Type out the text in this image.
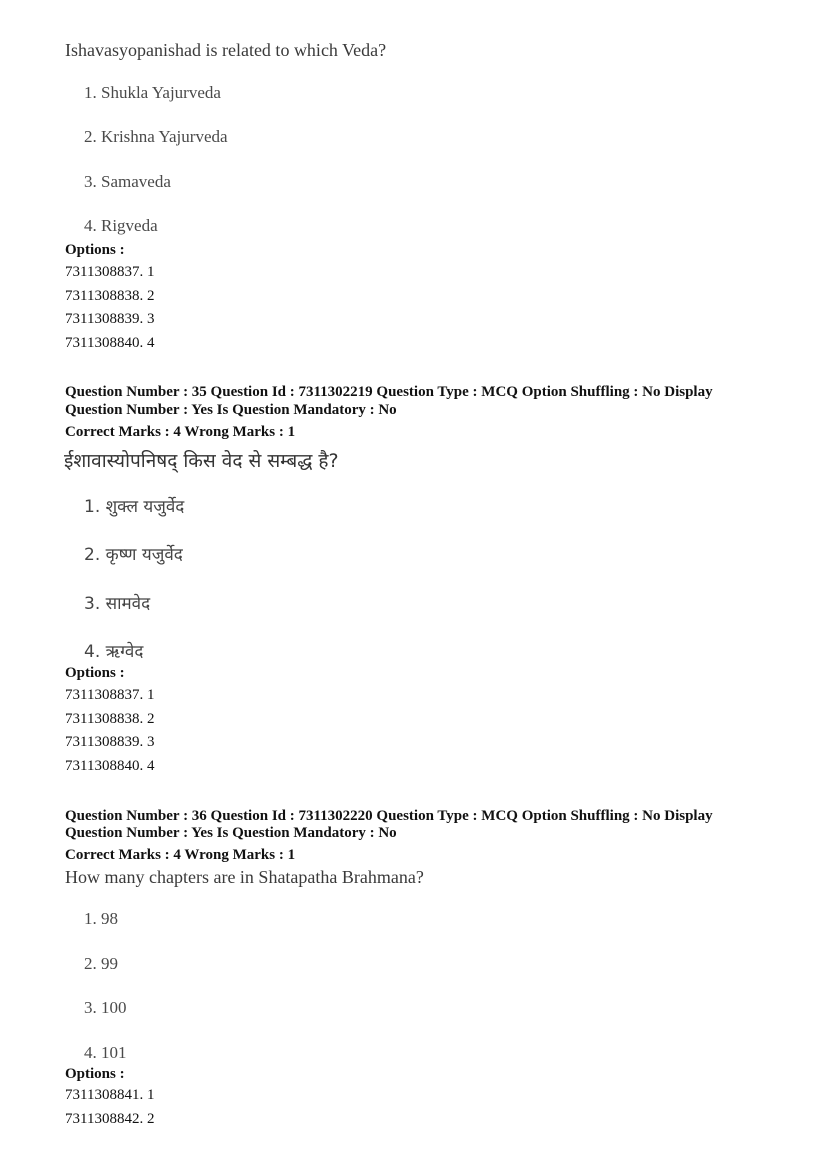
Ishavasyopanishad is related to which Veda?
1. Shukla Yajurveda
2. Krishna Yajurveda
3. Samaveda
4. Rigveda
Options :
7311308837. 1
7311308838. 2
7311308839. 3
7311308840. 4
Question Number : 35 Question Id : 7311302219 Question Type : MCQ Option Shuffling : No Display
Question Number : Yes Is Question Mandatory : No
Correct Marks : 4 Wrong Marks : 1
ईशावास्योपनिषद् किस वेद से सम्बद्ध है?
1. शुक्ल यजुर्वेद
2. कृष्ण यजुर्वेद
3. सामवेद
4. ऋग्वेद
Options :
7311308837. 1
7311308838. 2
7311308839. 3
7311308840. 4
Question Number : 36 Question Id : 7311302220 Question Type : MCQ Option Shuffling : No Display
Question Number : Yes Is Question Mandatory : No
Correct Marks : 4 Wrong Marks : 1
How many chapters are in Shatapatha Brahmana?
1. 98
2. 99
3. 100
4. 101
Options :
7311308841. 1
7311308842. 2
